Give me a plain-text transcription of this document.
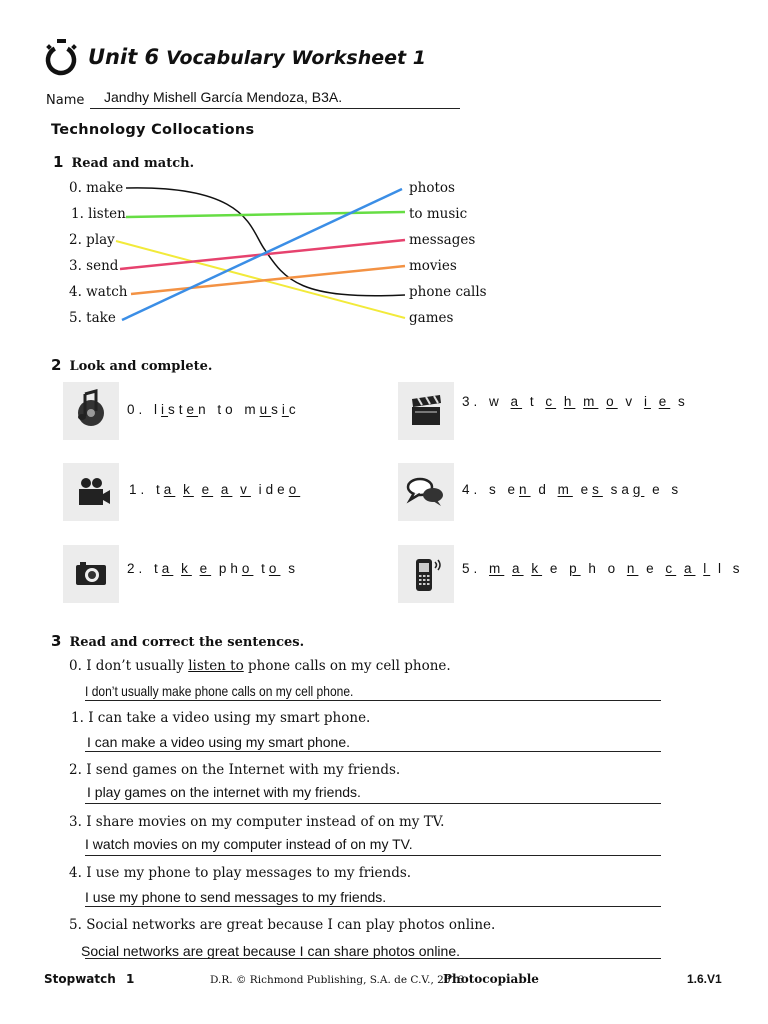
Unit 6 Vocabulary Worksheet 1
Name Jandhy Mishell García Mendoza, B3A.
Technology Collocations
1 Read and match.
0. make
1. listen
2. play
3. send
4. watch
5. take
photos
to music
messages
movies
phone calls
games
2 Look and complete.
0. listen to music
3. w a t c h m o v i e s
1. ta k e a v ideo	4. s en d m es sag e s
2. ta k e pho to s	5. m a k e p h o n e c a l l s
3 Read and correct the sentences.
0. I don’t usually listen to phone calls on my cell phone.
I don’t usually make phone calls on my cell phone.
1. I can take a video using my smart phone.
I can make a video using my smart phone.
2. I send games on the Internet with my friends.
I play games on the internet with my friends.
3. I share movies on my computer instead of on my TV.
I watch movies on my computer instead of on my TV.
4. I use my phone to play messages to my friends.
I use my phone to send messages to my friends.
5. Social networks are great because I can play photos online.
Social networks are great because I can share photos online.
Stopwatch 1	D.R. © Richmond Publishing, S.A. de C.V., 2016
Photocopiable	1.6.V1
